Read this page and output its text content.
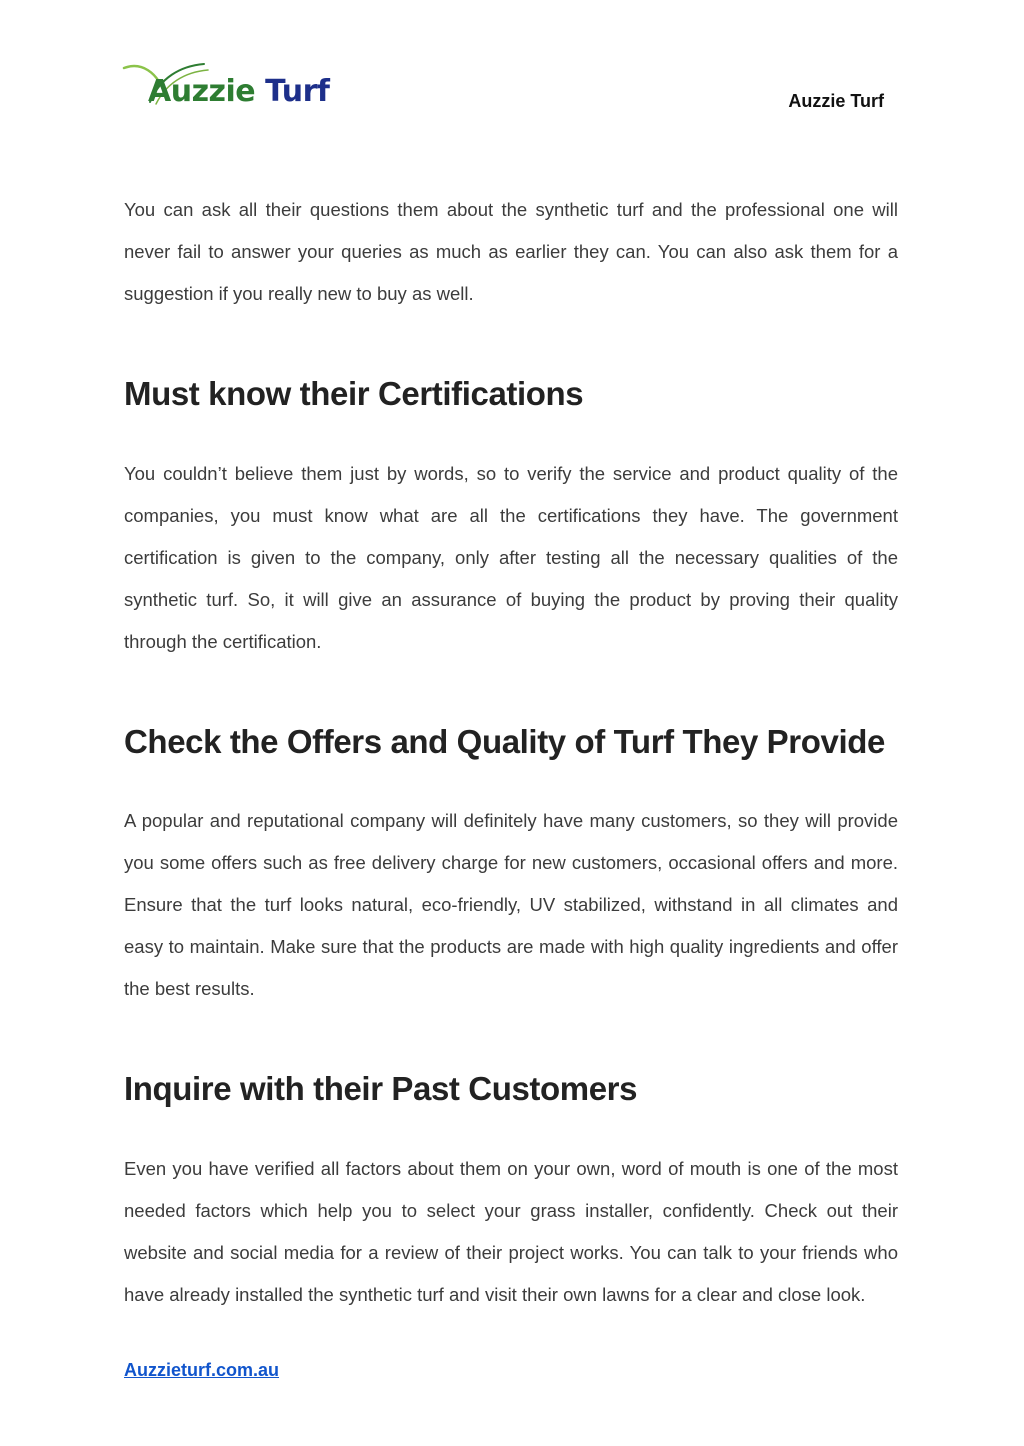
Auzzie Turf	Auzzie Turf

You can ask all their questions them about the synthetic turf and the professional one will never fail to answer your queries as much as earlier they can. You can also ask them for a suggestion if you really new to buy as well.

Must know their Certifications

You couldn’t believe them just by words, so to verify the service and product quality of the companies, you must know what are all the certifications they have. The government certification is given to the company, only after testing all the necessary qualities of the synthetic turf. So, it will give an assurance of buying the product by proving their quality through the certification.

Check the Offers and Quality of Turf They Provide

A popular and reputational company will definitely have many customers, so they will provide you some offers such as free delivery charge for new customers, occasional offers and more. Ensure that the turf looks natural, eco-friendly, UV stabilized, withstand in all climates and easy to maintain. Make sure that the products are made with high quality ingredients and offer the best results.

Inquire with their Past Customers

Even you have verified all factors about them on your own, word of mouth is one of the most needed factors which help you to select your grass installer, confidently. Check out their website and social media for a review of their project works. You can talk to your friends who have already installed the synthetic turf and visit their own lawns for a clear and close look.

Auzzieturf.com.au
